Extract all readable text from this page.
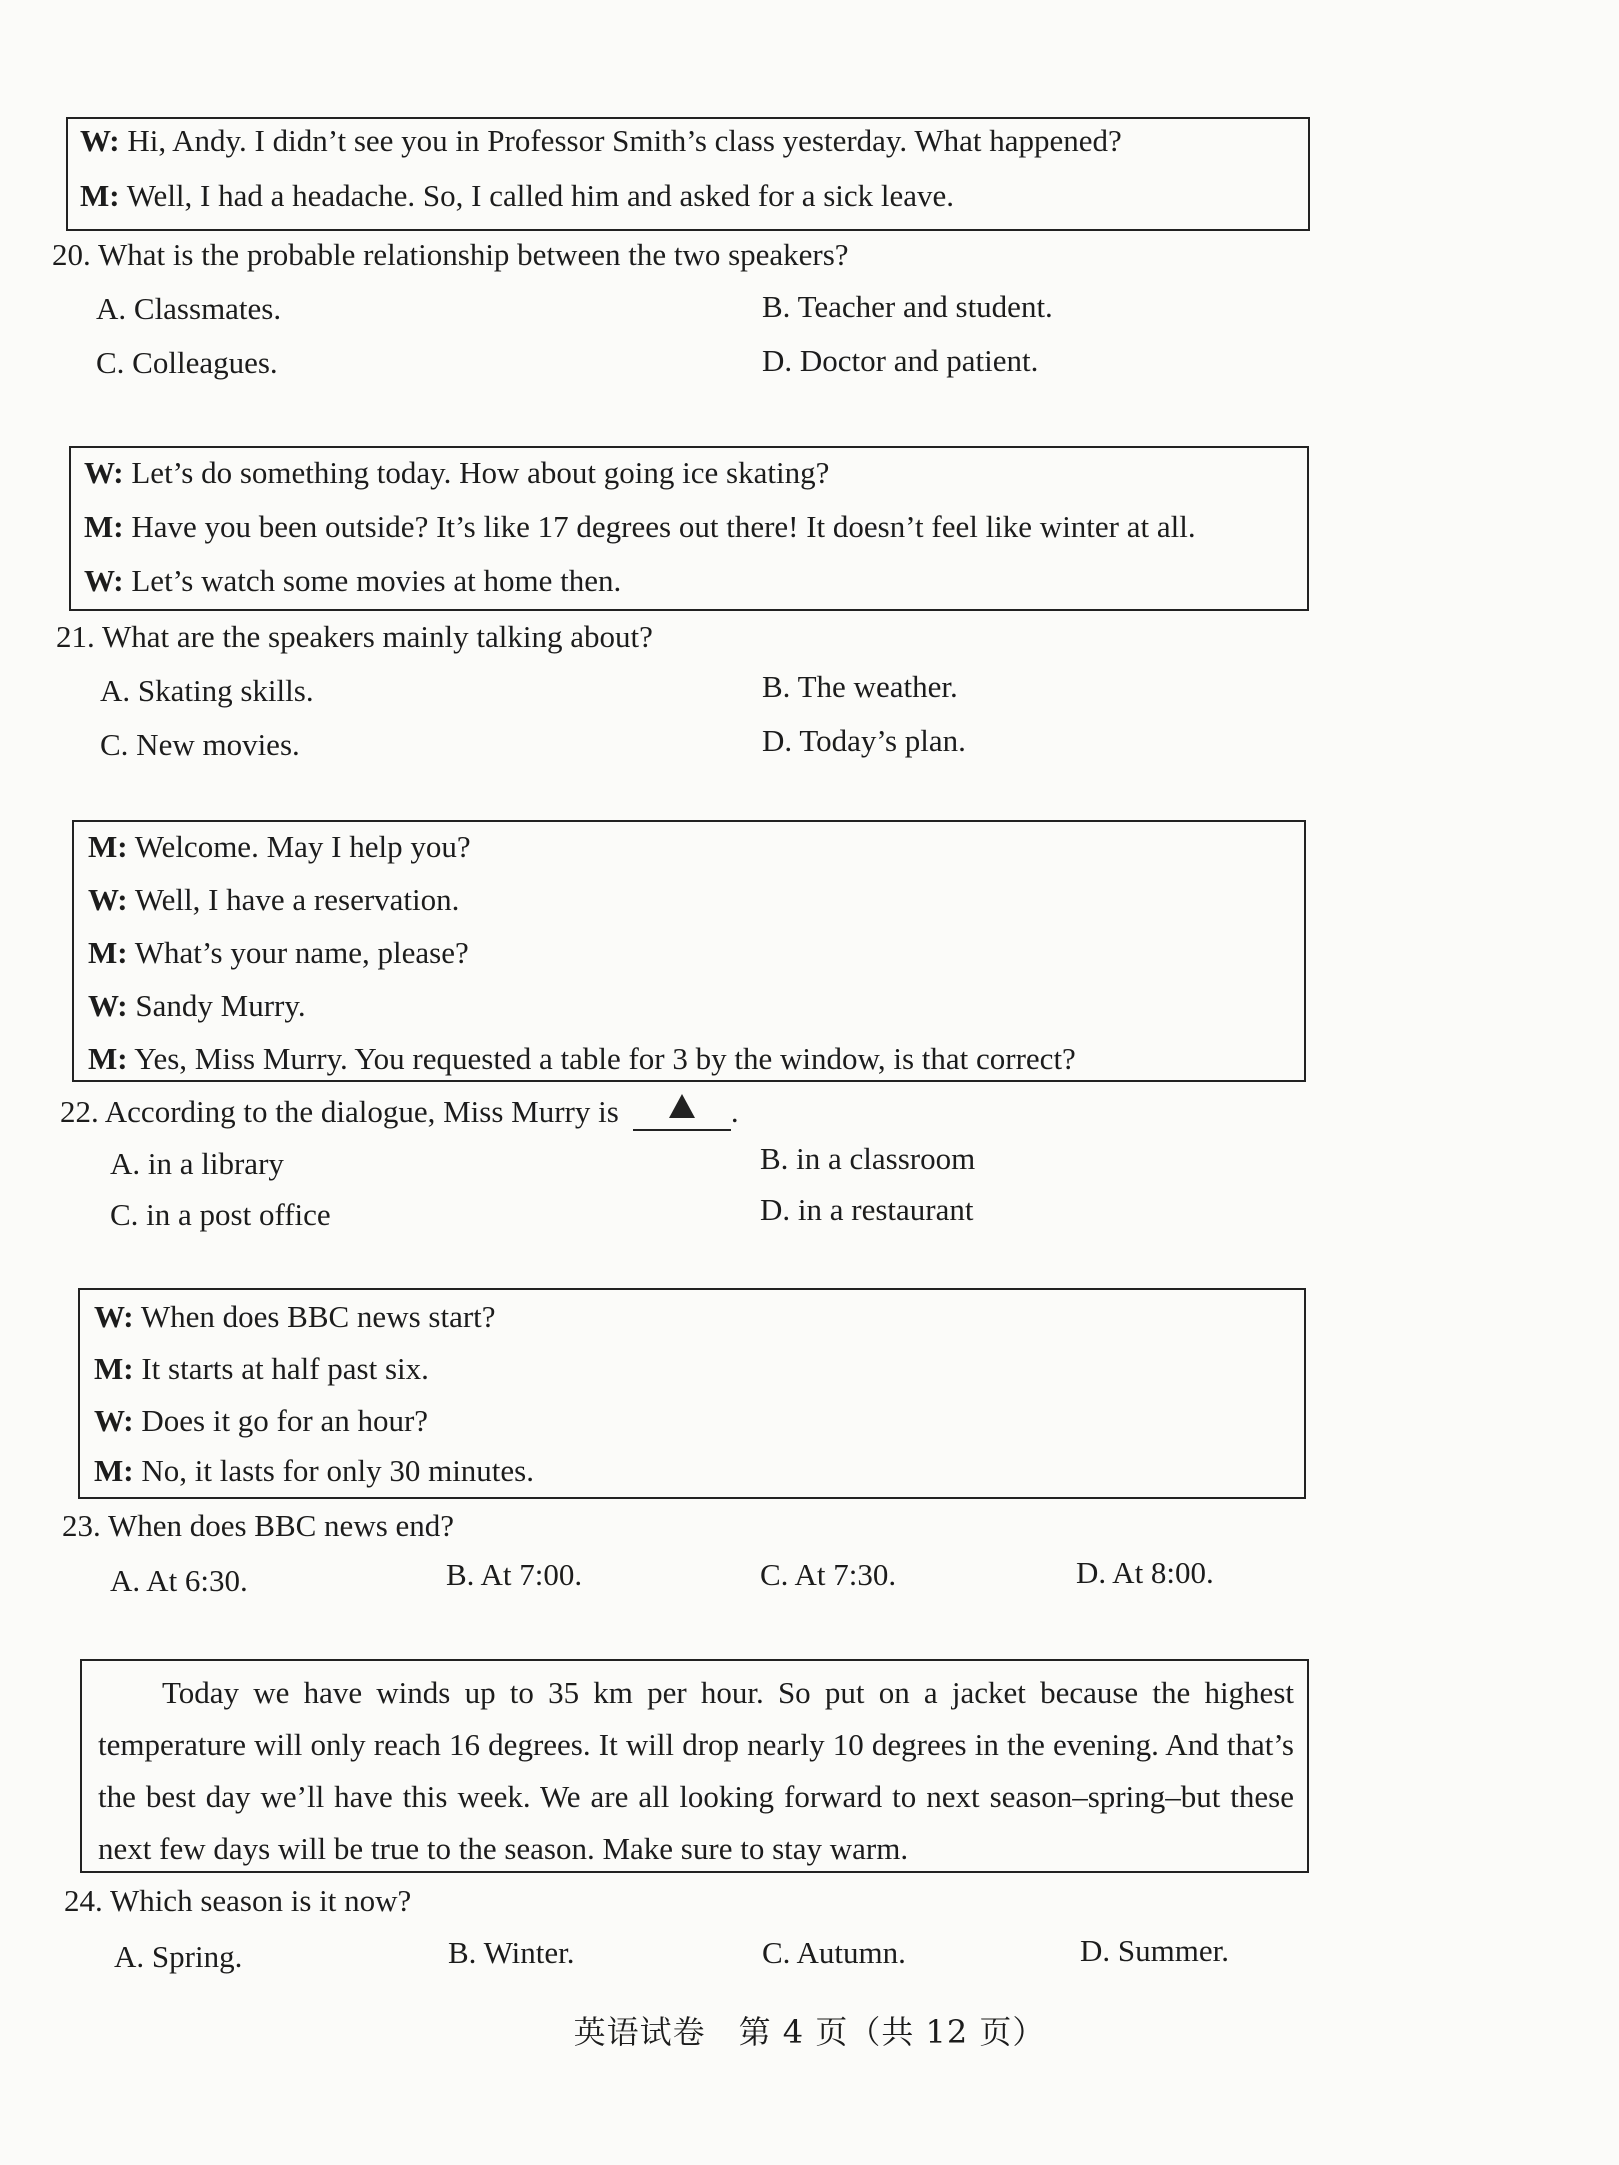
W: Hi, Andy. I didn’t see you in Professor Smith’s class yesterday. What happened?
M: Well, I had a headache. So, I called him and asked for a sick leave.
20. What is the probable relationship between the two speakers?
A. Classmates.	B. Teacher and student.
C. Colleagues.	D. Doctor and patient.
W: Let’s do something today. How about going ice skating?
M: Have you been outside? It’s like 17 degrees out there! It doesn’t feel like winter at all.
W: Let’s watch some movies at home then.
21. What are the speakers mainly talking about?
A. Skating skills.	B. The weather.
C. New movies.	D. Today’s plan.
M: Welcome. May I help you?
W: Well, I have a reservation.
M: What’s your name, please?
W: Sandy Murry.
M: Yes, Miss Murry. You requested a table for 3 by the window, is that correct?
22. According to the dialogue, Miss Murry is	.
A. in a library	B. in a classroom
C. in a post office	D. in a restaurant
W: When does BBC news start?
M: It starts at half past six.
W: Does it go for an hour?
M: No, it lasts for only 30 minutes.
23. When does BBC news end?
A. At 6:30.	B. At 7:00.	C. At 7:30.	D. At 8:00.
Today we have winds up to 35 km per hour. So put on a jacket because the highest temperature will only reach 16 degrees. It will drop nearly 10 degrees in the evening. And that’s the best day we’ll have this week. We are all looking forward to next season–spring–but these next few days will be true to the season. Make sure to stay warm.
24. Which season is it now?
A. Spring.	B. Winter.	C. Autumn.	D. Summer.
英语试卷　第 4 页（共 12 页）
